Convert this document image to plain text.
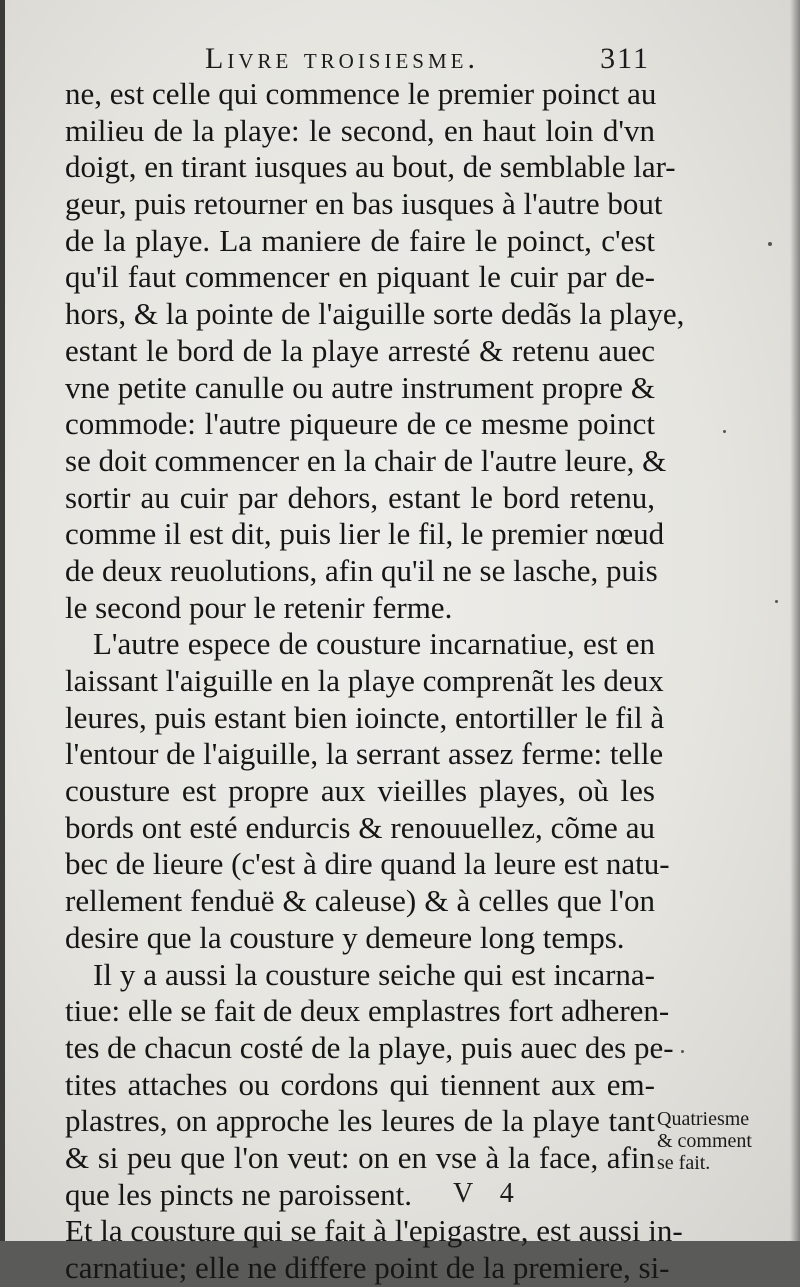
Livre troisiesme.	311
ne, est celle qui commence le premier poinct au
milieu de la playe: le second, en haut loin d'vn
doigt, en tirant iusques au bout, de semblable lar-
geur, puis retourner en bas iusques à l'autre bout
de la playe. La maniere de faire le poinct, c'est
qu'il faut commencer en piquant le cuir par de-
hors, & la pointe de l'aiguille sorte dedãs la playe,
estant le bord de la playe arresté & retenu auec
vne petite canulle ou autre instrument propre &
commode: l'autre piqueure de ce mesme poinct
se doit commencer en la chair de l'autre leure, &
sortir au cuir par dehors, estant le bord retenu,
comme il est dit, puis lier le fil, le premier nœud
de deux reuolutions, afin qu'il ne se lasche, puis
le second pour le retenir ferme.
L'autre espece de cousture incarnatiue, est en
laissant l'aiguille en la playe comprenãt les deux
leures, puis estant bien ioincte, entortiller le fil à
l'entour de l'aiguille, la serrant assez ferme: telle
cousture est propre aux vieilles playes, où les
bords ont esté endurcis & renouuellez, cõme au
bec de lieure (c'est à dire quand la leure est natu-
rellement fenduë & caleuse) & à celles que l'on
desire que la cousture y demeure long temps.
Il y a aussi la cousture seiche qui est incarna-
tiue: elle se fait de deux emplastres fort adheren-
tes de chacun costé de la playe, puis auec des pe-
tites attaches ou cordons qui tiennent aux em-
plastres, on approche les leures de la playe tant
& si peu que l'on veut: on en vse à la face, afin
que les pincts ne paroissent.
Et la cousture qui se fait à l'epigastre, est aussi in-
carnatiue; elle ne differe point de la premiere, si-
Quatriesme
& comment
se fait.
V 4
